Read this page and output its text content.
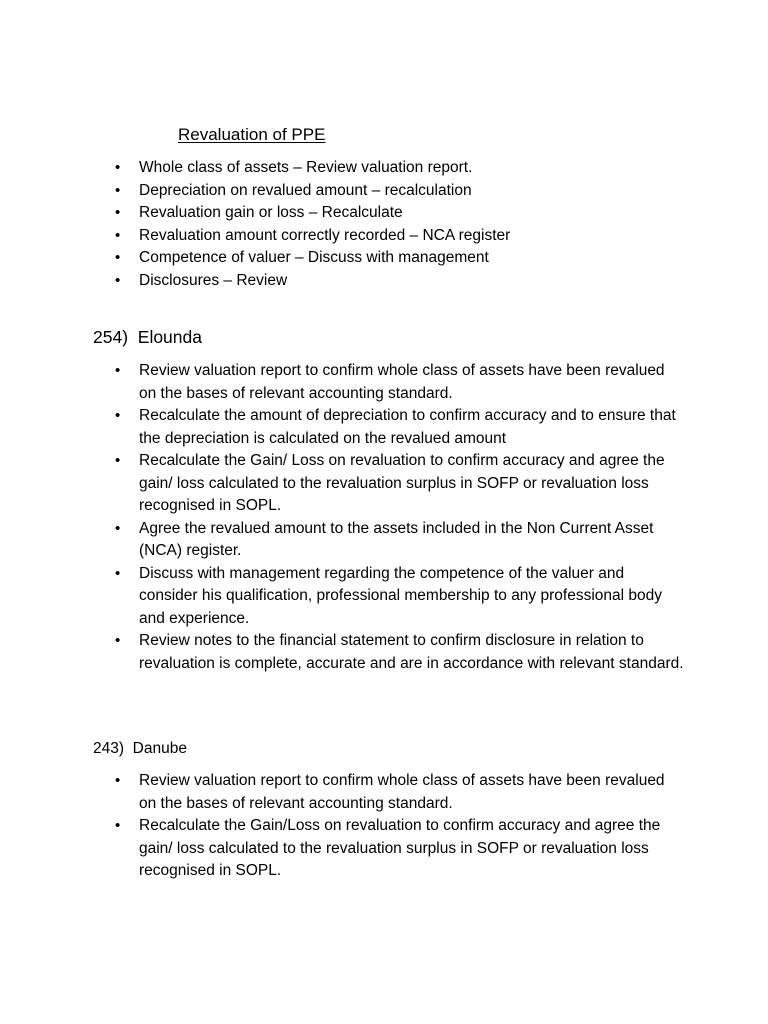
Revaluation of PPE
• Whole class of assets – Review valuation report.
• Depreciation on revalued amount – recalculation
• Revaluation gain or loss – Recalculate
• Revaluation amount correctly recorded – NCA register
• Competence of valuer – Discuss with management
• Disclosures – Review
254) Elounda
• Review valuation report to confirm whole class of assets have been revalued on the bases of relevant accounting standard.
• Recalculate the amount of depreciation to confirm accuracy and to ensure that the depreciation is calculated on the revalued amount
• Recalculate the Gain/ Loss on revaluation to confirm accuracy and agree the gain/ loss calculated to the revaluation surplus in SOFP or revaluation loss recognised in SOPL.
• Agree the revalued amount to the assets included in the Non Current Asset (NCA) register.
• Discuss with management regarding the competence of the valuer and consider his qualification, professional membership to any professional body and experience.
• Review notes to the financial statement to confirm disclosure in relation to revaluation is complete, accurate and are in accordance with relevant standard.
243) Danube
• Review valuation report to confirm whole class of assets have been revalued on the bases of relevant accounting standard.
• Recalculate the Gain/Loss on revaluation to confirm accuracy and agree the gain/ loss calculated to the revaluation surplus in SOFP or revaluation loss recognised in SOPL.
